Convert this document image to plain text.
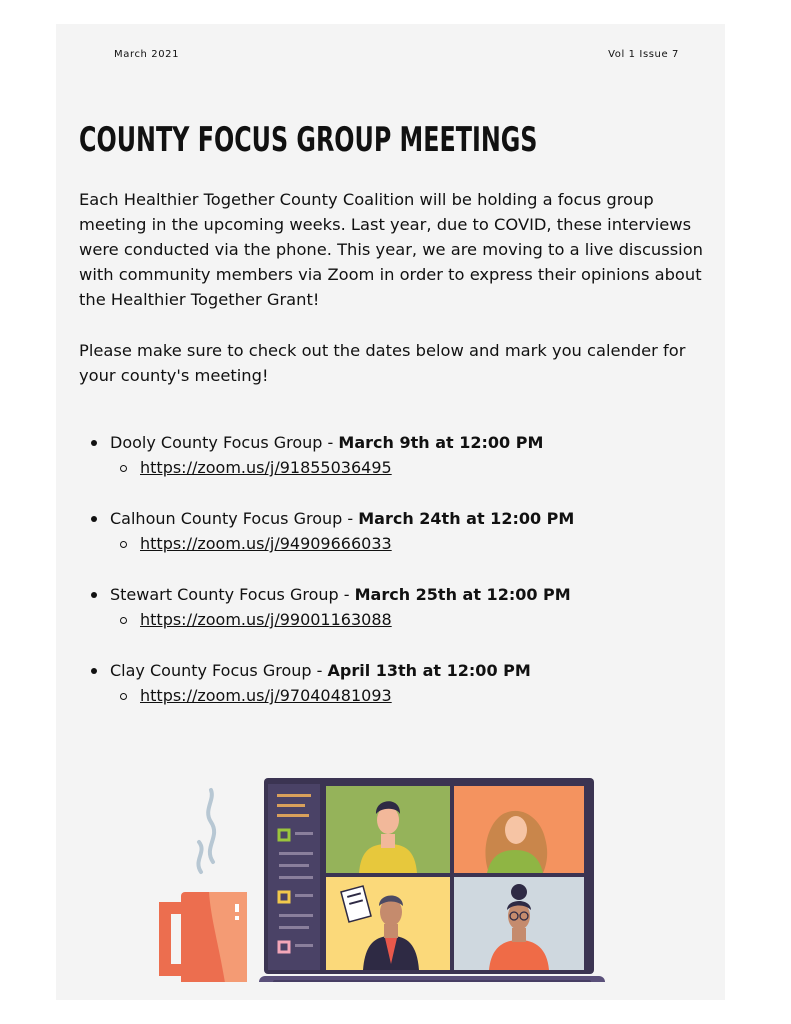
March 2021	Vol 1 Issue 7
COUNTY FOCUS GROUP MEETINGS

Each Healthier Together County Coalition will be holding a focus group meeting in the upcoming weeks. Last year, due to COVID, these interviews were conducted via the phone. This year, we are moving to a live discussion with community members via Zoom in order to express their opinions about the Healthier Together Grant!

Please make sure to check out the dates below and mark you calender for your county's meeting!

Dooly County Focus Group - March 9th at 12:00 PM
https://zoom.us/j/91855036495
Calhoun County Focus Group - March 24th at 12:00 PM
https://zoom.us/j/94909666033
Stewart County Focus Group - March 25th at 12:00 PM
https://zoom.us/j/99001163088
Clay County Focus Group - April 13th at 12:00 PM
https://zoom.us/j/97040481093
